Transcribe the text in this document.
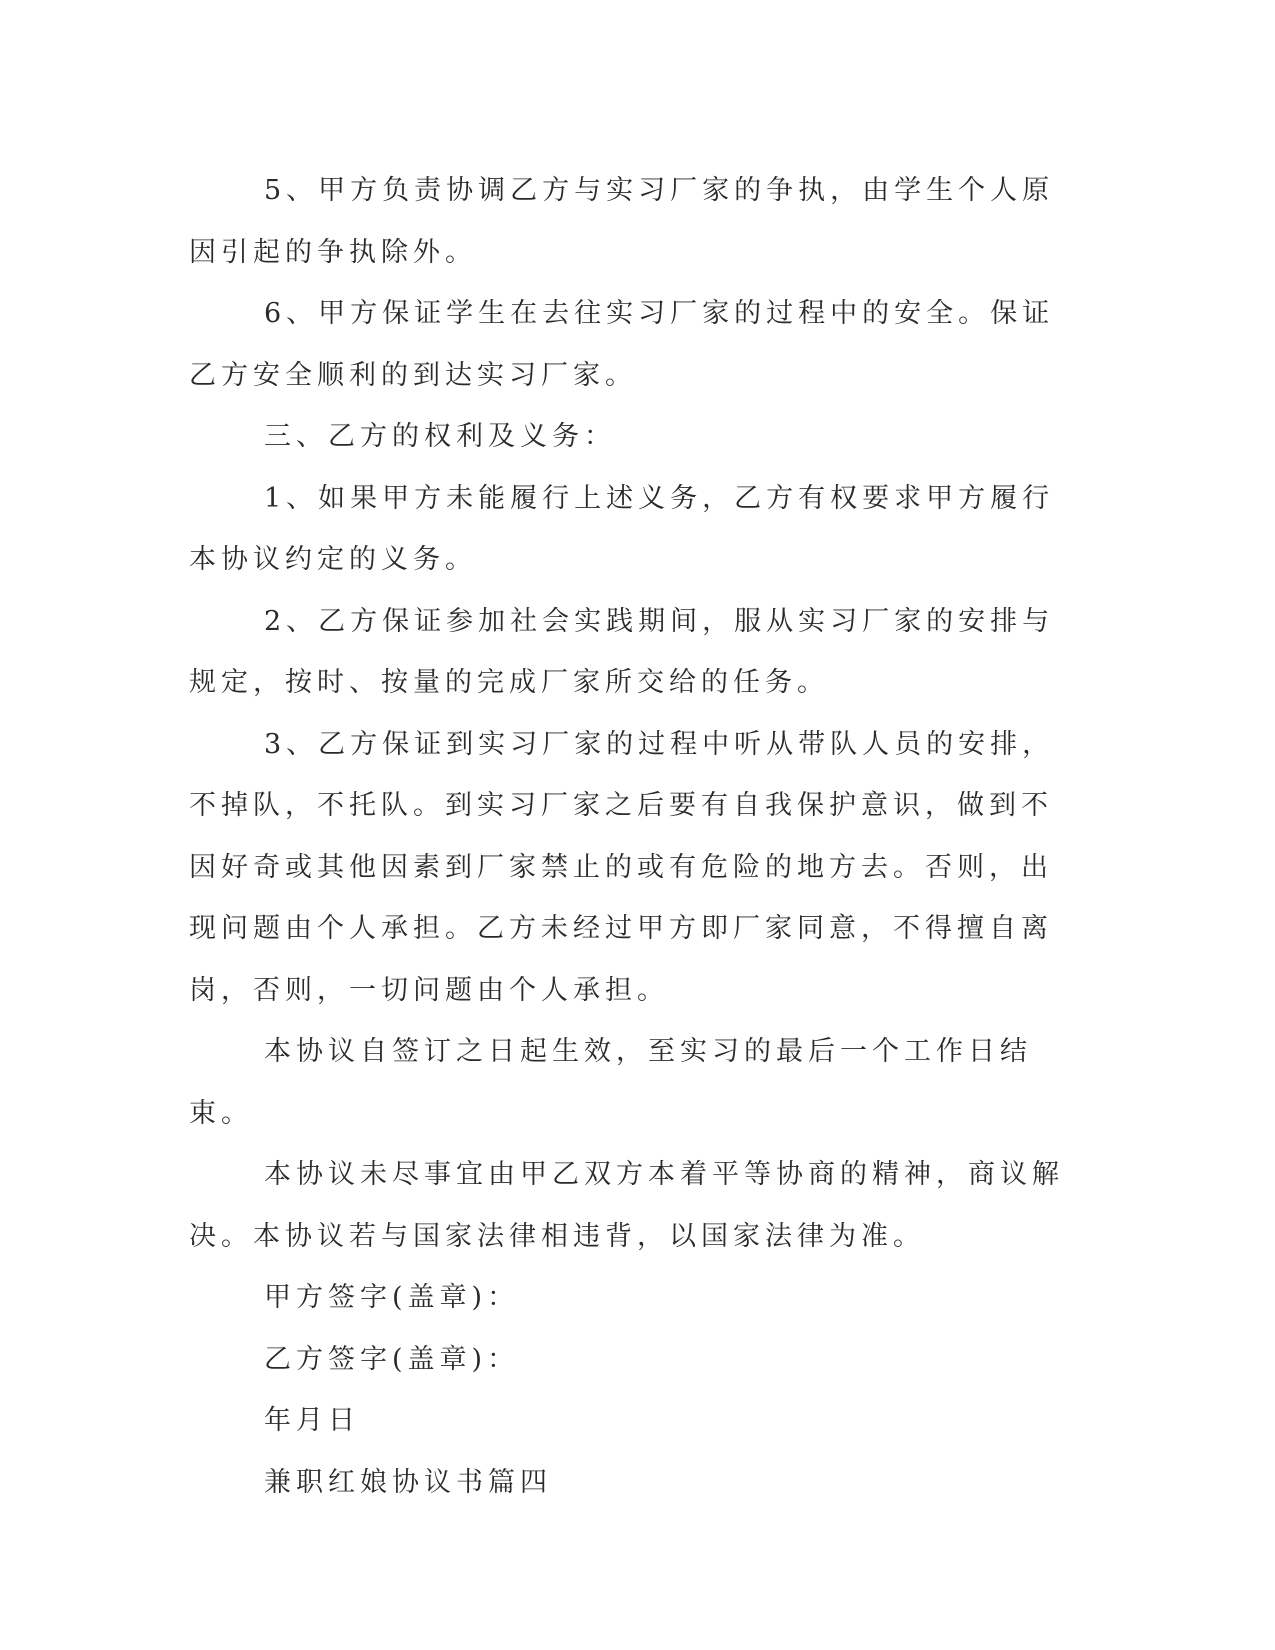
5、甲方负责协调乙方与实习厂家的争执，由学生个人原因引起的争执除外。

6、甲方保证学生在去往实习厂家的过程中的安全。保证乙方安全顺利的到达实习厂家。

三、乙方的权利及义务：

1、如果甲方未能履行上述义务，乙方有权要求甲方履行本协议约定的义务。

2、乙方保证参加社会实践期间，服从实习厂家的安排与规定，按时、按量的完成厂家所交给的任务。

3、乙方保证到实习厂家的过程中听从带队人员的安排，不掉队，不托队。到实习厂家之后要有自我保护意识，做到不因好奇或其他因素到厂家禁止的或有危险的地方去。否则，出现问题由个人承担。乙方未经过甲方即厂家同意，不得擅自离岗，否则，一切问题由个人承担。

本协议自签订之日起生效，至实习的最后一个工作日结束。

本协议未尽事宜由甲乙双方本着平等协商的精神，商议解决。本协议若与国家法律相违背，以国家法律为准。

甲方签字(盖章)：

乙方签字(盖章)：

年月日

兼职红娘协议书篇四
